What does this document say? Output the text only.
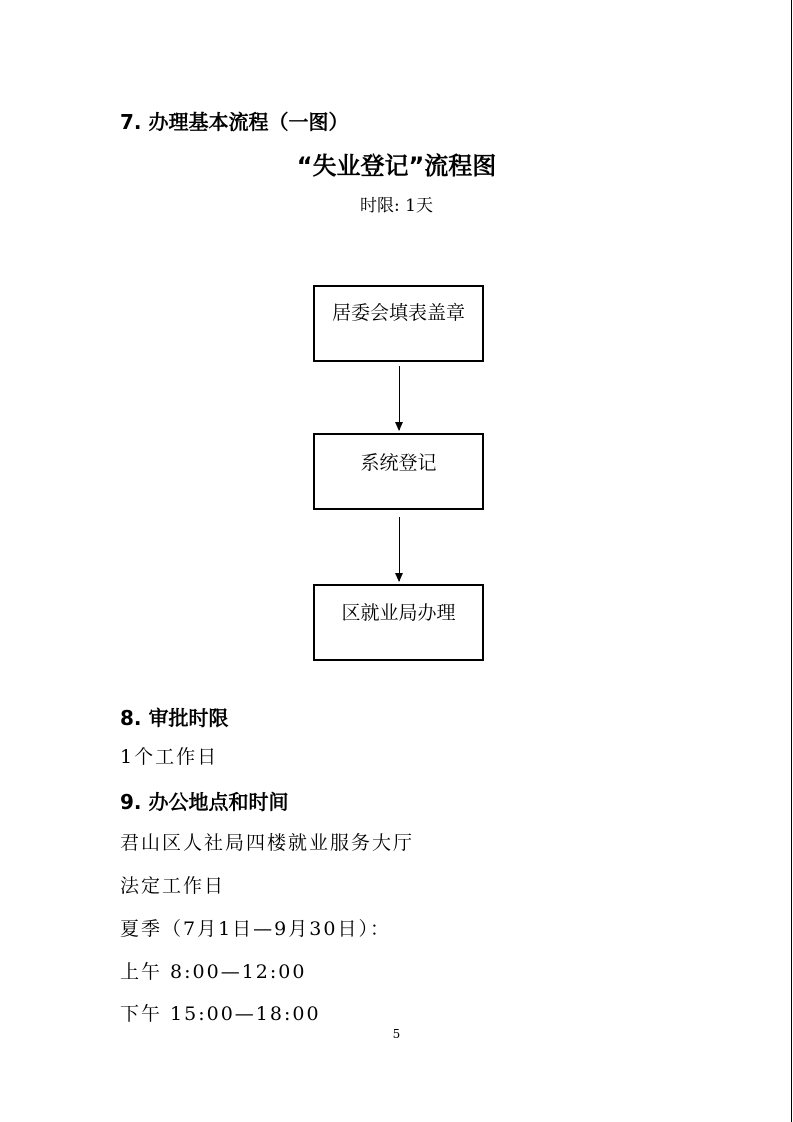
7. 办理基本流程（一图）
“失业登记”流程图
时限: 1天
居委会填表盖章
系统登记
区就业局办理
8. 审批时限
1个工作日
9. 办公地点和时间
君山区人社局四楼就业服务大厅
法定工作日
夏季（7月1日—9月30日）：
上午 8:00—12:00
下午 15:00—18:00
5
